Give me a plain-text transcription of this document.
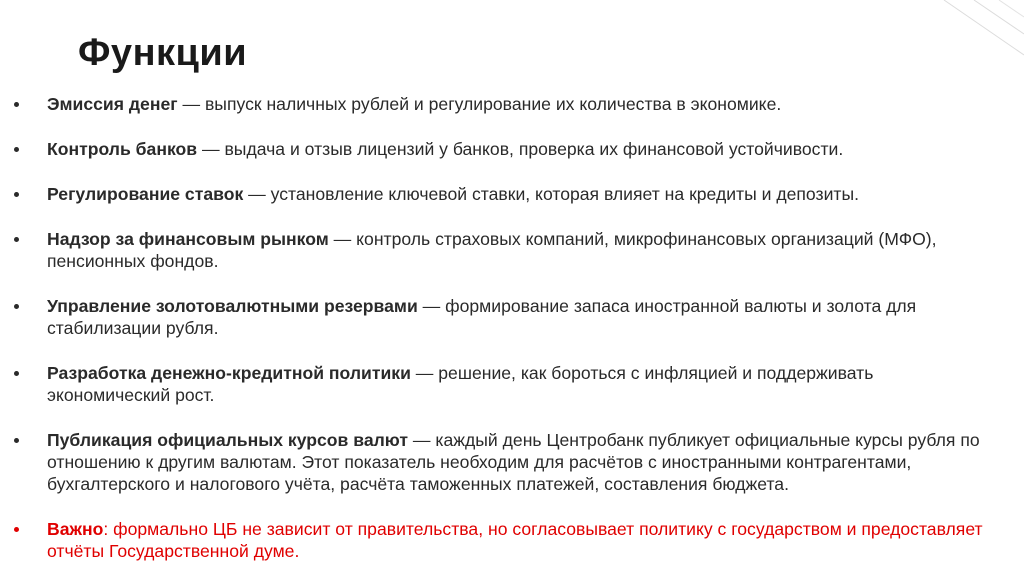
Функции
Эмиссия денег — выпуск наличных рублей и регулирование их количества в экономике.
Контроль банков — выдача и отзыв лицензий у банков, проверка их финансовой устойчивости.
Регулирование ставок — установление ключевой ставки, которая влияет на кредиты и депозиты.
Надзор за финансовым рынком — контроль страховых компаний, микрофинансовых организаций (МФО), пенсионных фондов.
Управление золотовалютными резервами — формирование запаса иностранной валюты и золота для стабилизации рубля.
Разработка денежно-кредитной политики — решение, как бороться с инфляцией и поддерживать экономический рост.
Публикация официальных курсов валют — каждый день Центробанк публикует официальные курсы рубля по отношению к другим валютам. Этот показатель необходим для расчётов с иностранными контрагентами, бухгалтерского и налогового учёта, расчёта таможенных платежей, составления бюджета.
Важно: формально ЦБ не зависит от правительства, но согласовывает политику с государством и предоставляет отчёты Государственной думе.
